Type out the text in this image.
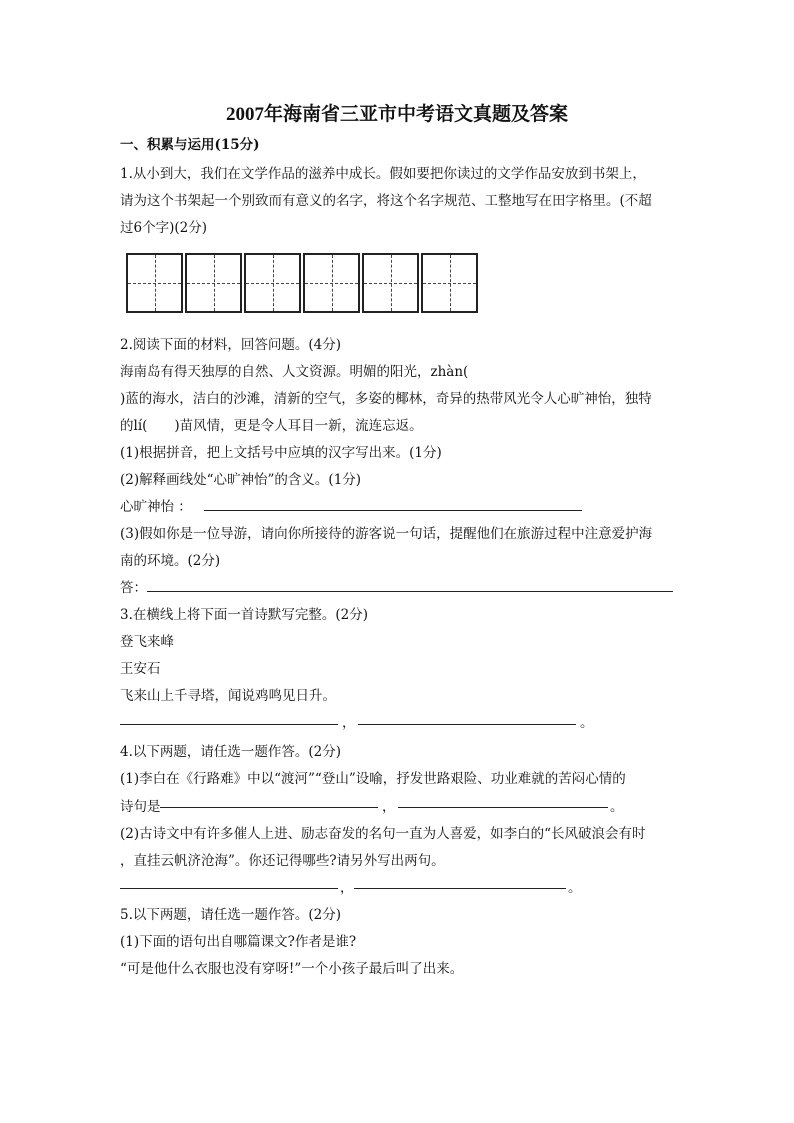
2007年海南省三亚市中考语文真题及答案
一、积累与运用(15分)
1.从小到大，我们在文学作品的滋养中成长。假如要把你读过的文学作品安放到书架上，
请为这个书架起一个别致而有意义的名字，将这个名字规范、工整地写在田字格里。(不超
过6个字)(2分)
2.阅读下面的材料，回答问题。(4分)
海南岛有得天独厚的自然、人文资源。明媚的阳光，zhàn(
)蓝的海水，洁白的沙滩，清新的空气，多姿的椰林，奇异的热带风光令人心旷神怡，独特
的lí(　　)苗风情，更是令人耳目一新，流连忘返。
(1)根据拼音，把上文括号中应填的汉字写出来。(1分)
(2)解释画线处“心旷神怡”的含义。(1分)
心旷神怡 ：
(3)假如你是一位导游，请向你所接待的游客说一句话，提醒他们在旅游过程中注意爱护海
南的环境。(2分)
答：
3.在横线上将下面一首诗默写完整。(2分)
登飞来峰
王安石
飞来山上千寻塔，闻说鸡鸣见日升。
，	。
4.以下两题，请任选一题作答。(2分)
(1)李白在《行路难》中以“渡河”“登山”设喻，抒发世路艰险、功业难就的苦闷心情的
诗句是	，	。
(2)古诗文中有许多催人上进、励志奋发的名句一直为人喜爱，如李白的“长风破浪会有时
，直挂云帆济沧海”。你还记得哪些?请另外写出两句。
，	。
5.以下两题，请任选一题作答。(2分)
(1)下面的语句出自哪篇课文?作者是谁?
“可是他什么衣服也没有穿呀!”一个小孩子最后叫了出来。
